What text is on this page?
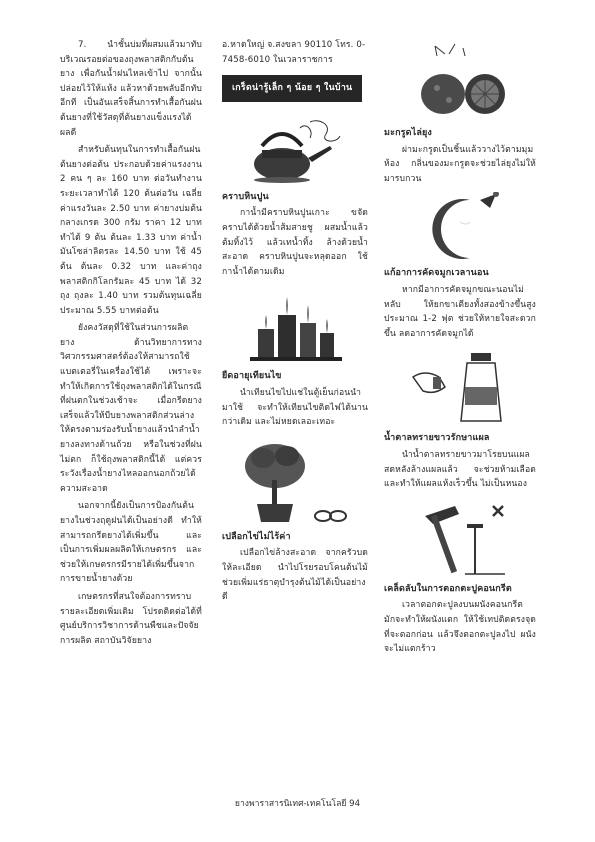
7. นำชั้นบ่มที่ผสมแล้วมาทับบริเวณรอยต่อของถุงพลาสติกกับต้นยาง เพื่อกันน้ำฝนไหลเข้าไป จากนั้นปล่อยไว้ให้แห้ง แล้วหาด้วยพลับอีกทับอีกที เป็นอันเสร็จสิ้นการทำเสื้อกันฝนต้นยางที่ใช้วัสดุที่ต้นยางแข็งแรงได้ผลดี

สำหรับต้นทุนในการทำเสื้อกันฝนต้นยางต่อต้น ประกอบด้วยค่าแรงงาน 2 คน ๆ ละ 160 บาท ต่อวันทำงาน ระยะเวลาทำได้ 120 ต้นต่อวัน เฉลี่ยค่าแรงวันละ 2.50 บาท ค่ายางบ่มต้นกลางเกรด 300 กรัม ราคา 12 บาท ทำได้ 9 ต้น ต้นละ 1.33 บาท ค่าน้ำมันโซล่าลิตรละ 14.50 บาท ใช้ 45 ต้น ต้นละ 0.32 บาท และค่าถุงพลาสติกกิโลกรัมละ 45 บาท ได้ 32 ถุง ถุงละ 1.40 บาท รวมต้นทุนเฉลี่ยประมาณ 5.55 บาทต่อต้น

ยังคงวัสดุที่ใช้ในส่วนการผลิตยาง ด้านวิทยาการทางวิศวกรรมศาสตร์ต้องให้สามารถใช้แบตเตอรี่ในเครื่องใช้ได้ เพราะจะทำให้เกิดการใช้ถุงพลาสติกได้ในกรณีที่ฝนตกในช่วงเช้าจะ เมื่อกรีดยางเสร็จแล้วให้บีบยางพลาสติกส่วนล่างให้ตรงตามร่องรับน้ำยางแล้วนำลำน้ำยางลงทางด้านถ้วย หรือในช่วงที่ฝนไม่ตก ก็ใช้ถุงพลาสติกนี้ได้ แต่ควรระวังเรื่องน้ำยางไหลออกนอกถ้วยได้ ความสะอาด

นอกจากนี้ยังเป็นการป้องกันต้นยางในช่วงฤดูฝนได้เป็นอย่างดี ทำให้สามารถกรีดยางได้เพิ่มขึ้น และเป็นการเพิ่มผลผลิตให้เกษตรกร และช่วยให้เกษตรกรมีรายได้เพิ่มขึ้นจากการขายน้ำยางด้วย

เกษตรกรที่สนใจต้องการทราบรายละเอียดเพิ่มเติม โปรดติดต่อได้ที่ ศูนย์บริการวิชาการด้านพืชและปัจจัยการผลิต สถาบันวิจัยยาง

อ.หาดใหญ่ จ.สงขลา 90110 โทร. 0-
7458-6010 ในเวลาราชการ
เกร็ดน่ารู้เล็ก ๆ น้อย ๆ ในบ้าน
คราบหินปูน

กาน้ำมีคราบหินปูนเกาะ ขจัดคราบได้ด้วยน้ำส้มสายชู ผสมน้ำแล้วต้มทิ้งไว้ แล้วเทน้ำทิ้ง ล้างด้วยน้ำสะอาด คราบหินปูนจะหลุดออก ใช้กาน้ำได้ตามเดิม

ยืดอายุเทียนไข

นำเทียนไขไปแช่ในตู้เย็นก่อนนำมาใช้ จะทำให้เทียนไขติดไฟได้นานกว่าเดิม และไม่หยดเลอะเทอะ

เปลือกไข่ไม่ไร้ค่า

เปลือกไข่ล้างสะอาด จากครัวบดให้ละเอียด นำไปโรยรอบโคนต้นไม้ ช่วยเพิ่มแร่ธาตุบำรุงต้นไม้ได้เป็นอย่างดี

มะกรูดไล่ยุง

ผ่ามะกรูดเป็นชิ้นแล้ววางไว้ตามมุมห้อง กลิ่นของมะกรูดจะช่วยไล่ยุงไม่ให้มารบกวน

แก้อาการคัดจมูกเวลานอน

หากมีอาการคัดจมูกขณะนอนไม่หลับ ให้ยกขาเตียงทั้งสองข้างขึ้นสูงประมาณ 1-2 ฟุต ช่วยให้หายใจสะดวกขึ้น ลดอาการคัดจมูกได้

น้ำตาลทรายขาวรักษาแผล

นำน้ำตาลทรายขาวมาโรยบนแผลสดหลังล้างแผลแล้ว จะช่วยห้ามเลือดและทำให้แผลแห้งเร็วขึ้น ไม่เป็นหนอง

เคล็ดลับในการตอกตะปูคอนกรีต

เวลาตอกตะปูลงบนผนังคอนกรีต มักจะทำให้ผนังแตก ให้ใช้เทปติดตรงจุดที่จะตอกก่อน แล้วจึงตอกตะปูลงไป ผนังจะไม่แตกร้าว

ยางพาราสารนิเทศ-เทคโนโลยี 94
